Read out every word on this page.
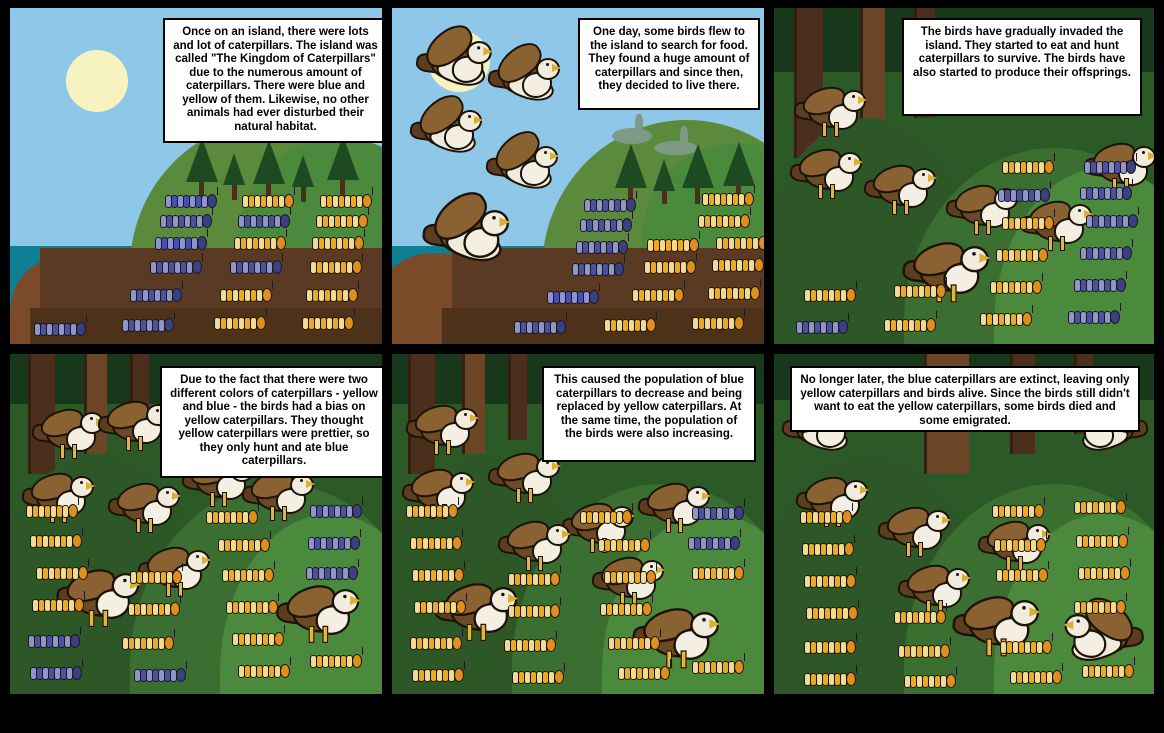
Once on an island, there were lots and lot of caterpillars. The island was called "The Kingdom of Caterpillars" due to the numerous amount of caterpillars. There were blue and yellow of them. Likewise, no other animals had ever disturbed their natural habitat.
One day, some birds flew to the island to search for food. They found a huge amount of caterpillars and since then, they decided to live there.
The birds have gradually invaded the island. They started to eat and hunt caterpillars to survive. The birds have also started to produce their offsprings.
Due to the fact that there were two different colors of caterpillars - yellow and blue - the birds had a bias on yellow caterpillars. They thought yellow caterpillars were prettier, so they only hunt and ate blue caterpillars.
This caused the population of blue caterpillars to decrease and being replaced by yellow caterpillars. At the same time, the population of the birds were also increasing.
No longer later, the blue caterpillars are extinct, leaving only yellow caterpillars and birds alive. Since the birds still didn't want to eat the yellow caterpillars, some birds died and some emigrated.
